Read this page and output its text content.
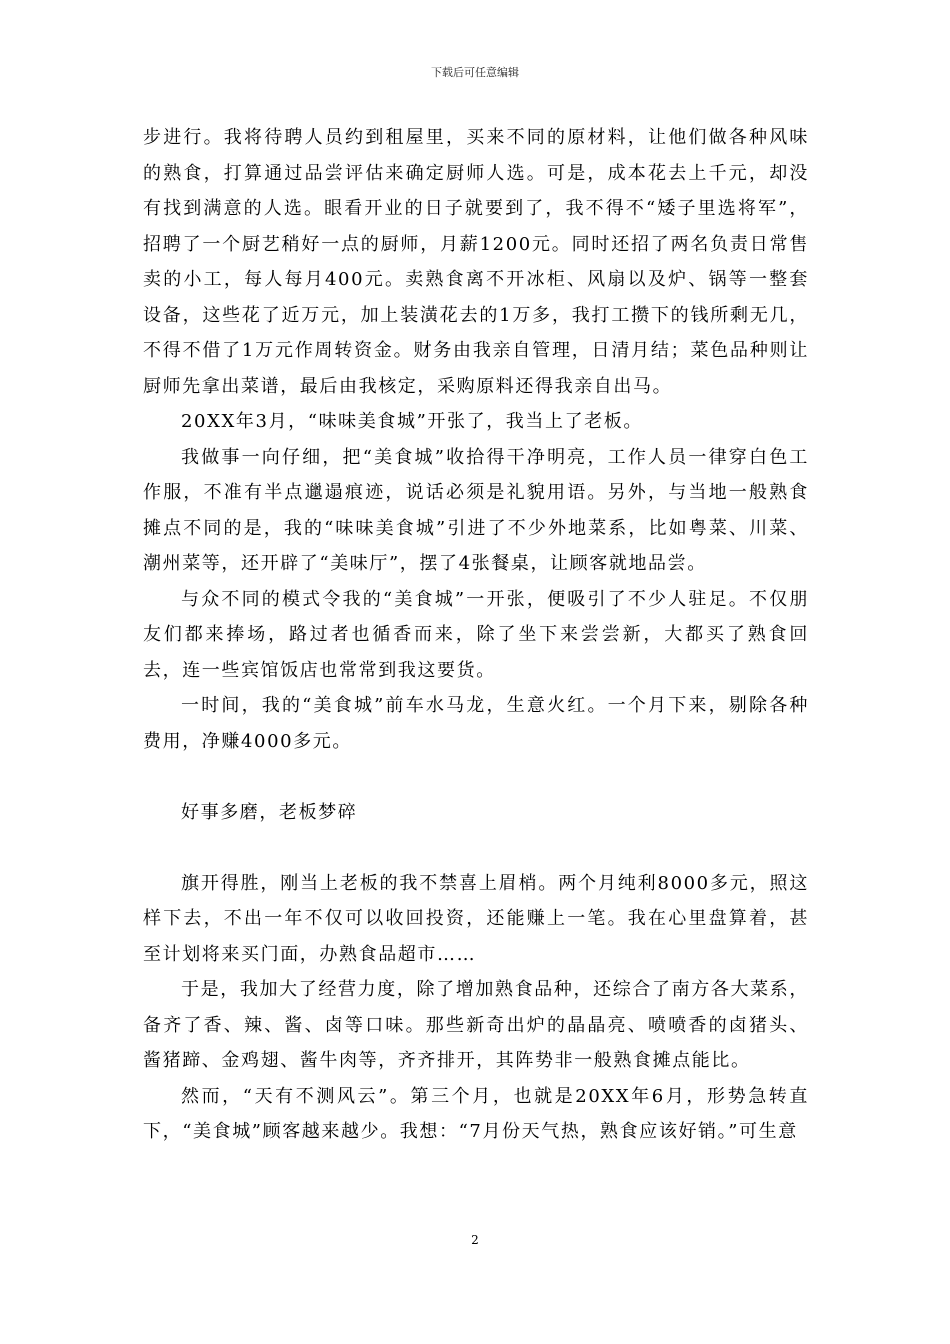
下载后可任意编辑

步进行。我将待聘人员约到租屋里，买来不同的原材料，让他们做各种风味的熟食，打算通过品尝评估来确定厨师人选。可是，成本花去上千元，却没有找到满意的人选。眼看开业的日子就要到了，我不得不“矮子里选将军”，招聘了一个厨艺稍好一点的厨师，月薪1200元。同时还招了两名负责日常售卖的小工，每人每月400元。卖熟食离不开冰柜、风扇以及炉、锅等一整套设备，这些花了近万元，加上装潢花去的1万多，我打工攒下的钱所剩无几，不得不借了1万元作周转资金。财务由我亲自管理，日清月结；菜色品种则让厨师先拿出菜谱，最后由我核定，采购原料还得我亲自出马。

20XX年3月，“味味美食城”开张了，我当上了老板。

我做事一向仔细，把“美食城”收拾得干净明亮，工作人员一律穿白色工作服，不准有半点邋遢痕迹，说话必须是礼貌用语。另外，与当地一般熟食摊点不同的是，我的“味味美食城”引进了不少外地菜系，比如粤菜、川菜、潮州菜等，还开辟了“美味厅”，摆了4张餐桌，让顾客就地品尝。

与众不同的模式令我的“美食城”一开张，便吸引了不少人驻足。不仅朋友们都来捧场，路过者也循香而来，除了坐下来尝尝新，大都买了熟食回去，连一些宾馆饭店也常常到我这要货。

一时间，我的“美食城”前车水马龙，生意火红。一个月下来，剔除各种费用，净赚4000多元。

好事多磨，老板梦碎

旗开得胜，刚当上老板的我不禁喜上眉梢。两个月纯利8000多元，照这样下去，不出一年不仅可以收回投资，还能赚上一笔。我在心里盘算着，甚至计划将来买门面，办熟食品超市……

于是，我加大了经营力度，除了增加熟食品种，还综合了南方各大菜系，备齐了香、辣、酱、卤等口味。那些新奇出炉的晶晶亮、喷喷香的卤猪头、酱猪蹄、金鸡翅、酱牛肉等，齐齐排开，其阵势非一般熟食摊点能比。

然而，“天有不测风云”。第三个月，也就是20XX年6月，形势急转直下，“美食城”顾客越来越少。我想：“7月份天气热，熟食应该好销。”可生意

2
